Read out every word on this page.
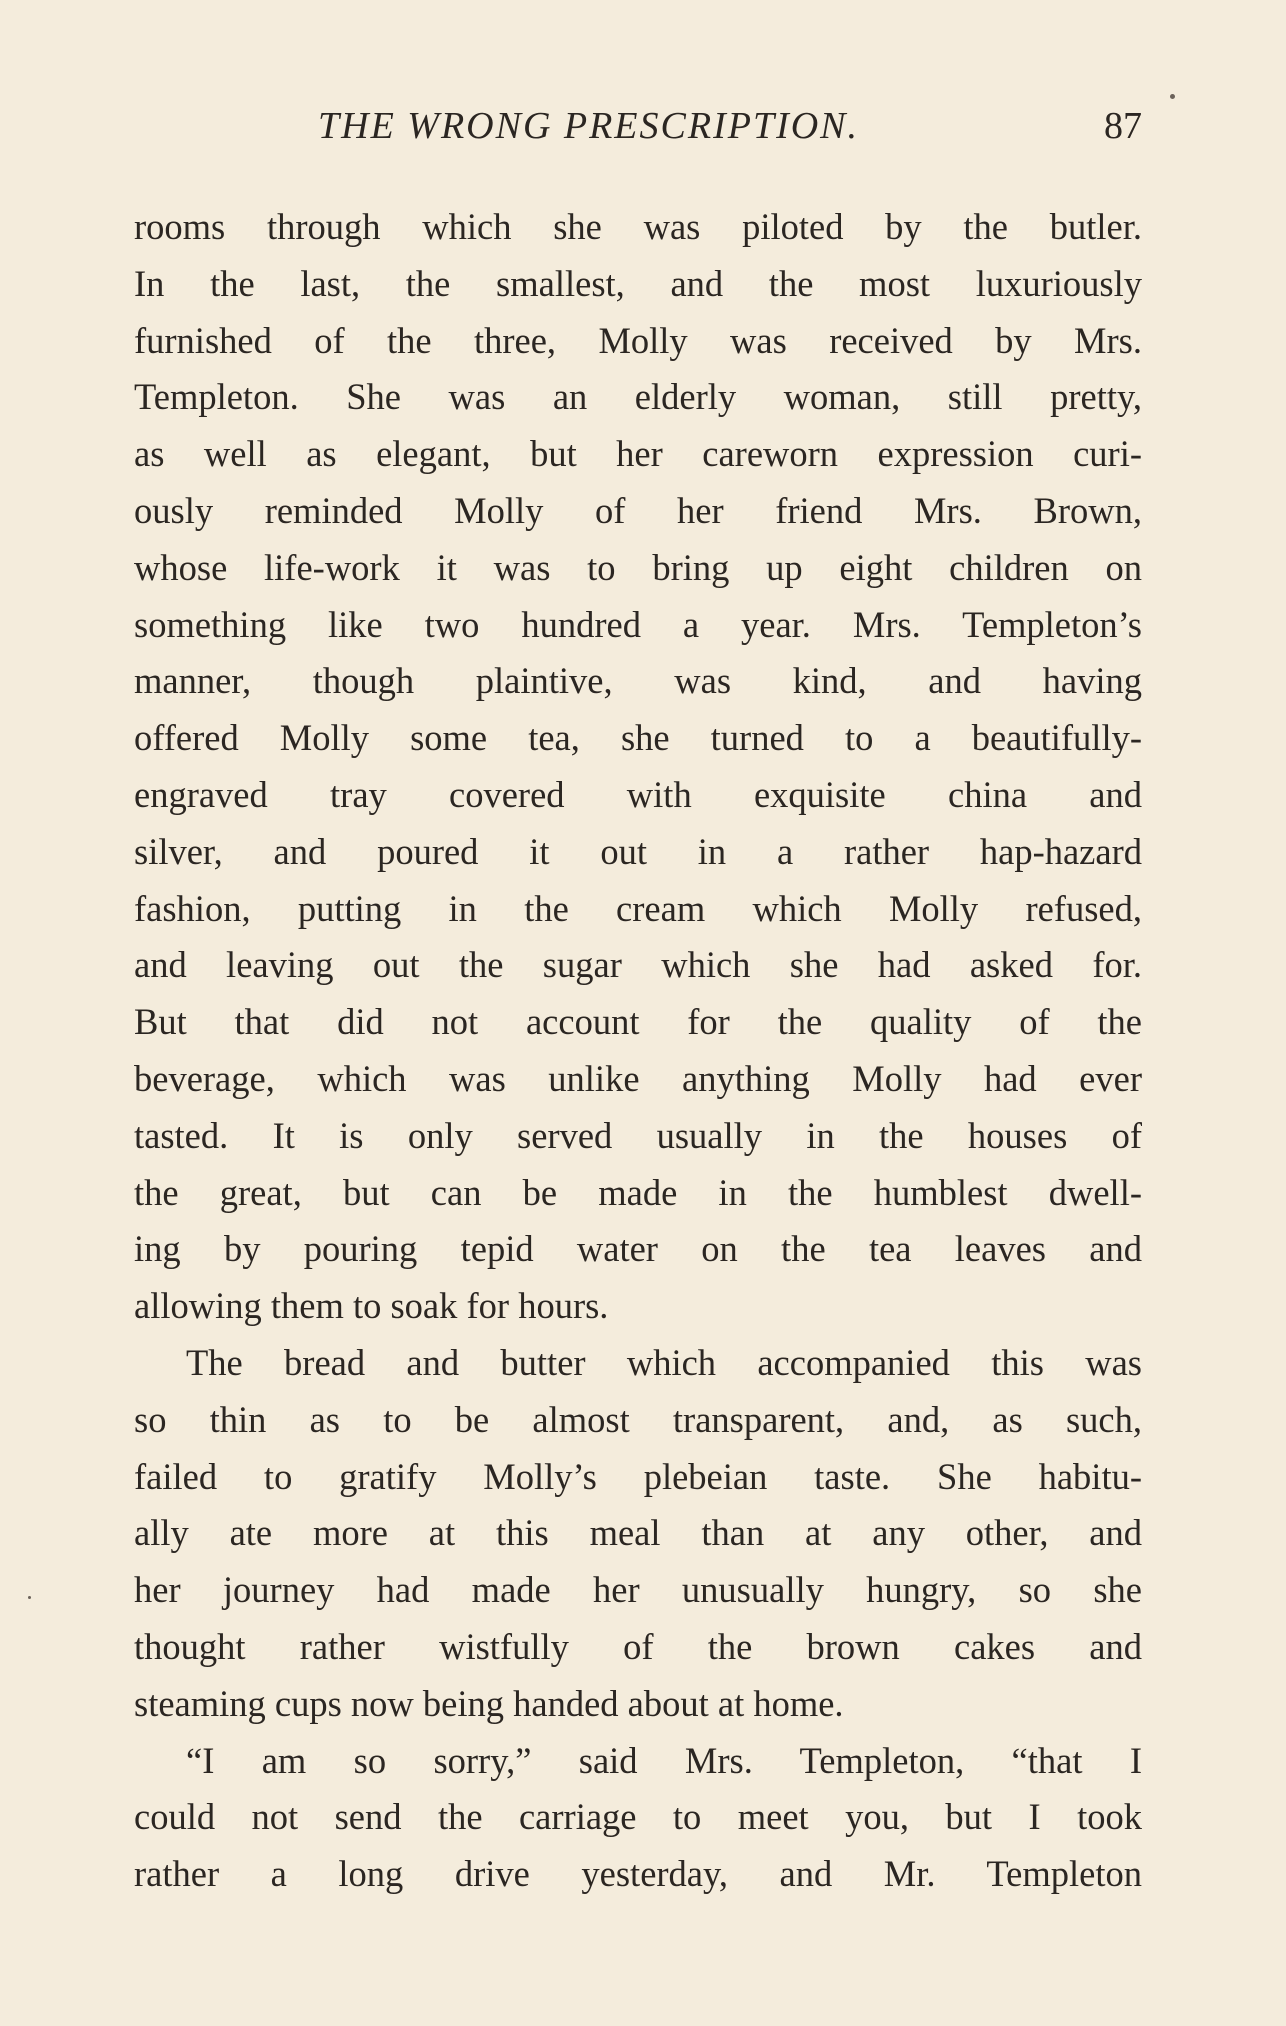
THE WRONG PRESCRIPTION.	87
rooms through which she was piloted by the butler.
In the last, the smallest, and the most luxuriously
furnished of the three, Molly was received by Mrs.
Templeton. She was an elderly woman, still pretty,
as well as elegant, but her careworn expression curi-
ously reminded Molly of her friend Mrs. Brown,
whose life-work it was to bring up eight children on
something like two hundred a year. Mrs. Templeton’s
manner, though plaintive, was kind, and having
offered Molly some tea, she turned to a beautifully-
engraved tray covered with exquisite china and
silver, and poured it out in a rather hap-hazard
fashion, putting in the cream which Molly refused,
and leaving out the sugar which she had asked for.
But that did not account for the quality of the
beverage, which was unlike anything Molly had ever
tasted. It is only served usually in the houses of
the great, but can be made in the humblest dwell-
ing by pouring tepid water on the tea leaves and
allowing them to soak for hours.
The bread and butter which accompanied this was
so thin as to be almost transparent, and, as such,
failed to gratify Molly’s plebeian taste. She habitu-
ally ate more at this meal than at any other, and
her journey had made her unusually hungry, so she
thought rather wistfully of the brown cakes and
steaming cups now being handed about at home.
“I am so sorry,” said Mrs. Templeton, “that I
could not send the carriage to meet you, but I took
rather a long drive yesterday, and Mr. Templeton
